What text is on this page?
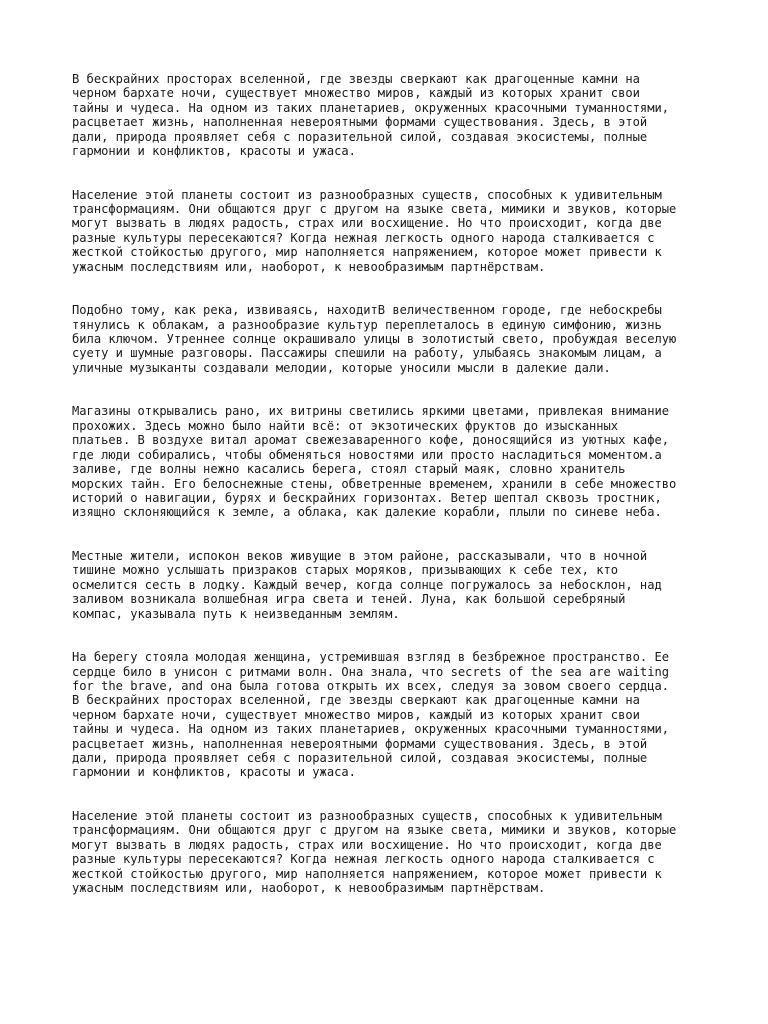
В бескрайних просторах вселенной, где звезды сверкают как драгоценные камни на
черном бархате ночи, существует множество миров, каждый из которых хранит свои
тайны и чудеса. На одном из таких планетариев, окруженных красочными туманностями,
расцветает жизнь, наполненная невероятными формами существования. Здесь, в этой
дали, природа проявляет себя с поразительной силой, создавая экосистемы, полные
гармонии и конфликтов, красоты и ужаса.

Население этой планеты состоит из разнообразных существ, способных к удивительным
трансформациям. Они общаются друг с другом на языке света, мимики и звуков, которые
могут вызвать в людях радость, страх или восхищение. Но что происходит, когда две
разные культуры пересекаются? Когда нежная легкость одного народа сталкивается с
жесткой стойкостью другого, мир наполняется напряжением, которое может привести к
ужасным последствиям или, наоборот, к невообразимым партнёрствам.

Подобно тому, как река, извиваясь, находитВ величественном городе, где небоскребы
тянулись к облакам, а разнообразие культур переплеталось в единую симфонию, жизнь
била ключом. Утреннее солнце окрашивало улицы в золотистый свето, пробуждая веселую
суету и шумные разговоры. Пассажиры спешили на работу, улыбаясь знакомым лицам, а
уличные музыканты создавали мелодии, которые уносили мысли в далекие дали.

Магазины открывались рано, их витрины светились яркими цветами, привлекая внимание
прохожих. Здесь можно было найти всё: от экзотических фруктов до изысканных
платьев. В воздухе витал аромат свежезаваренного кофе, доносящийся из уютных кафе,
где люди собирались, чтобы обменяться новостями или просто насладиться моментом.а
заливе, где волны нежно касались берега, стоял старый маяк, словно хранитель
морских тайн. Его белоснежные стены, обветренные временем, хранили в себе множество
историй о навигации, бурях и бескрайних горизонтах. Ветер шептал сквозь тростник,
изящно склоняющийся к земле, а облака, как далекие корабли, плыли по синеве неба.

Местные жители, испокон веков живущие в этом районе, рассказывали, что в ночной
тишине можно услышать призраков старых моряков, призывающих к себе тех, кто
осмелится сесть в лодку. Каждый вечер, когда солнце погружалось за небосклон, над
заливом возникала волшебная игра света и теней. Луна, как большой серебряный
компас, указывала путь к неизведанным землям.

На берегу стояла молодая женщина, устремившая взгляд в безбрежное пространство. Ее
сердце било в унисон с ритмами волн. Она знала, что secrets of the sea are waiting
for the brave, and она была готова открыть их всех, следуя за зовом своего сердца.
В бескрайних просторах вселенной, где звезды сверкают как драгоценные камни на
черном бархате ночи, существует множество миров, каждый из которых хранит свои
тайны и чудеса. На одном из таких планетариев, окруженных красочными туманностями,
расцветает жизнь, наполненная невероятными формами существования. Здесь, в этой
дали, природа проявляет себя с поразительной силой, создавая экосистемы, полные
гармонии и конфликтов, красоты и ужаса.

Население этой планеты состоит из разнообразных существ, способных к удивительным
трансформациям. Они общаются друг с другом на языке света, мимики и звуков, которые
могут вызвать в людях радость, страх или восхищение. Но что происходит, когда две
разные культуры пересекаются? Когда нежная легкость одного народа сталкивается с
жесткой стойкостью другого, мир наполняется напряжением, которое может привести к
ужасным последствиям или, наоборот, к невообразимым партнёрствам.
